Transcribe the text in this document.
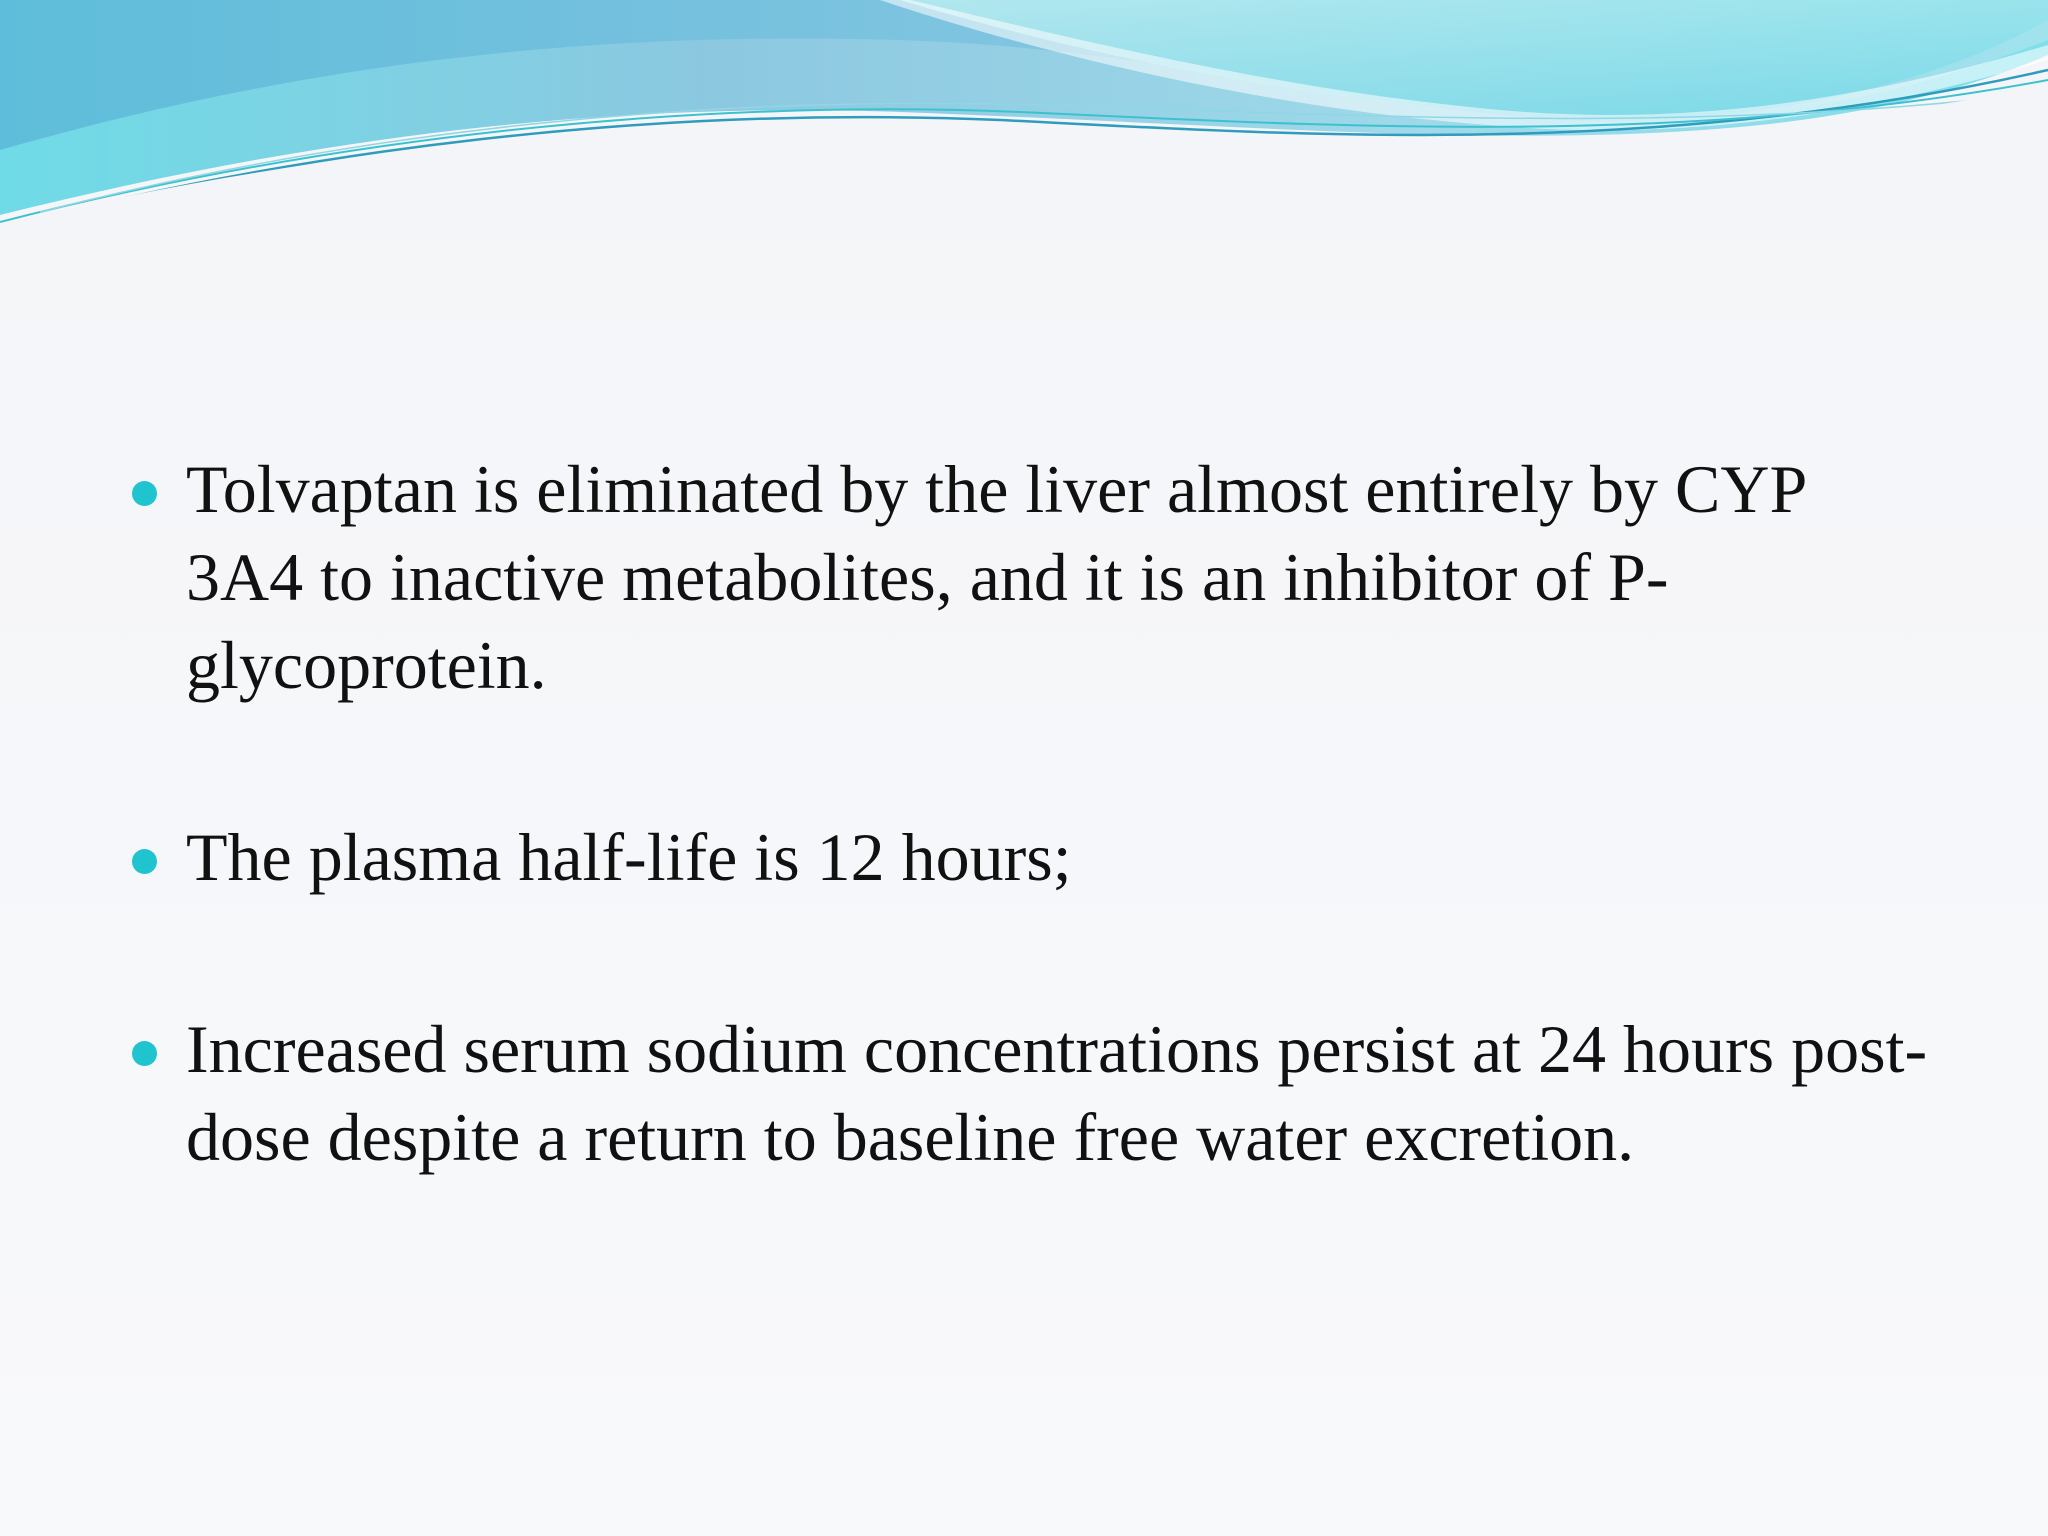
Tolvaptan is eliminated by the liver almost entirely by CYP 3A4 to inactive metabolites, and it is an inhibitor of P-glycoprotein.
The plasma half-life is 12 hours;
Increased serum sodium concentrations persist at 24 hours post-dose despite a return to baseline free water excretion.
